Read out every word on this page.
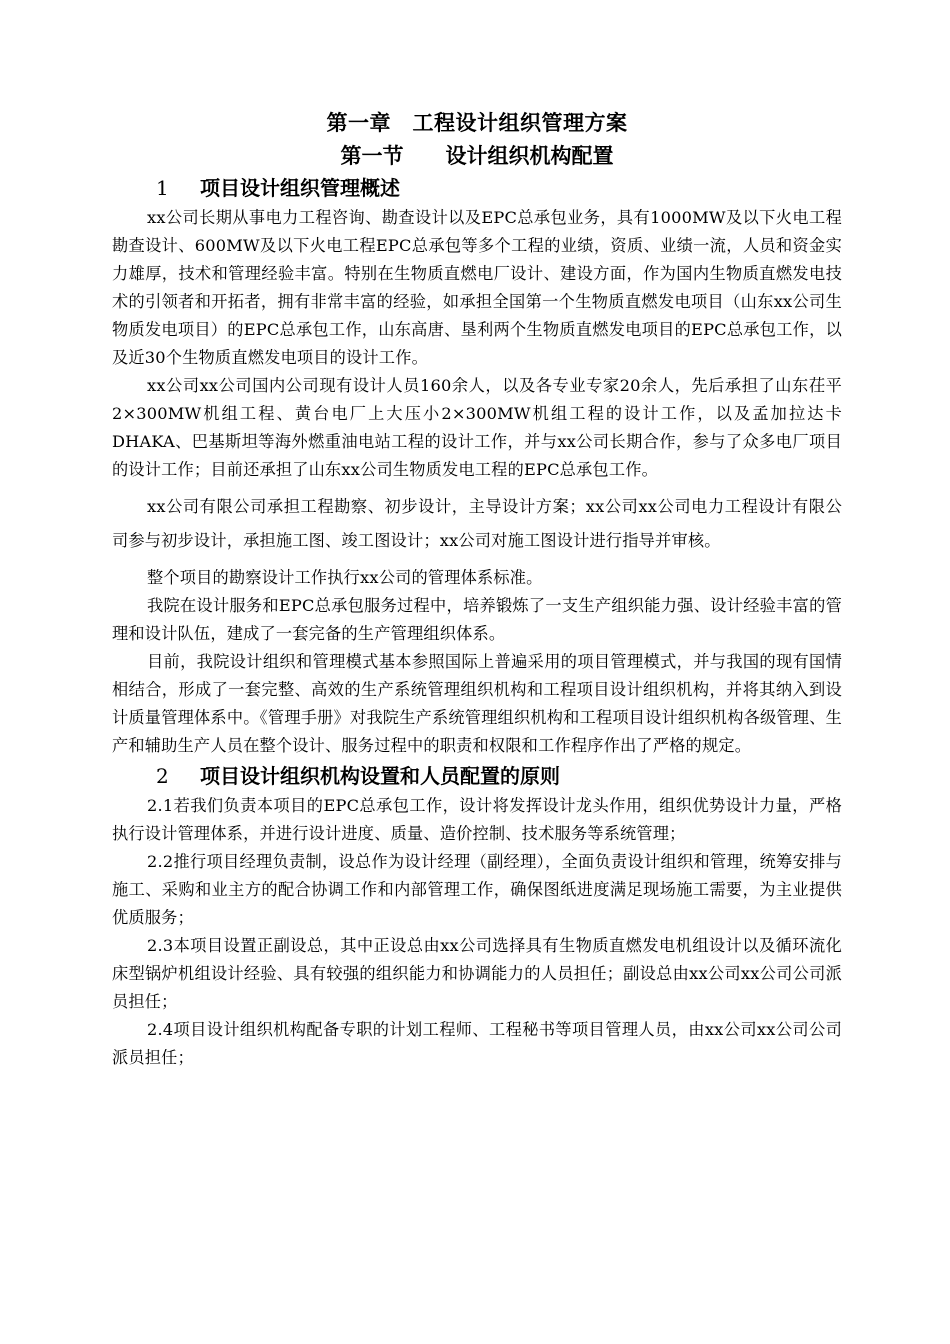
第一章　工程设计组织管理方案
第一节　　设计组织机构配置
1 项目设计组织管理概述

xx公司长期从事电力工程咨询、勘查设计以及EPC总承包业务，具有1000MW及以下火电工程勘查设计、600MW及以下火电工程EPC总承包等多个工程的业绩，资质、业绩一流，人员和资金实力雄厚，技术和管理经验丰富。特别在生物质直燃电厂设计、建设方面，作为国内生物质直燃发电技术的引领者和开拓者，拥有非常丰富的经验，如承担全国第一个生物质直燃发电项目（山东xx公司生物质发电项目）的EPC总承包工作，山东高唐、垦利两个生物质直燃发电项目的EPC总承包工作，以及近30个生物质直燃发电项目的设计工作。

xx公司xx公司国内公司现有设计人员160余人，以及各专业专家20余人，先后承担了山东茌平2×300MW机组工程、黄台电厂上大压小2×300MW机组工程的设计工作，以及孟加拉达卡DHAKA、巴基斯坦等海外燃重油电站工程的设计工作，并与xx公司长期合作，参与了众多电厂项目的设计工作；目前还承担了山东xx公司生物质发电工程的EPC总承包工作。

xx公司有限公司承担工程勘察、初步设计，主导设计方案；xx公司xx公司电力工程设计有限公司参与初步设计，承担施工图、竣工图设计；xx公司对施工图设计进行指导并审核。

整个项目的勘察设计工作执行xx公司的管理体系标准。

我院在设计服务和EPC总承包服务过程中，培养锻炼了一支生产组织能力强、设计经验丰富的管理和设计队伍，建成了一套完备的生产管理组织体系。

目前，我院设计组织和管理模式基本参照国际上普遍采用的项目管理模式，并与我国的现有国情相结合，形成了一套完整、高效的生产系统管理组织机构和工程项目设计组织机构，并将其纳入到设计质量管理体系中。《管理手册》对我院生产系统管理组织机构和工程项目设计组织机构各级管理、生产和辅助生产人员在整个设计、服务过程中的职责和权限和工作程序作出了严格的规定。

2 项目设计组织机构设置和人员配置的原则

2.1若我们负责本项目的EPC总承包工作，设计将发挥设计龙头作用，组织优势设计力量，严格执行设计管理体系，并进行设计进度、质量、造价控制、技术服务等系统管理；

2.2推行项目经理负责制，设总作为设计经理（副经理），全面负责设计组织和管理，统筹安排与施工、采购和业主方的配合协调工作和内部管理工作，确保图纸进度满足现场施工需要，为主业提供优质服务；

2.3本项目设置正副设总，其中正设总由xx公司选择具有生物质直燃发电机组设计以及循环流化床型锅炉机组设计经验、具有较强的组织能力和协调能力的人员担任；副设总由xx公司xx公司公司派员担任；

2.4项目设计组织机构配备专职的计划工程师、工程秘书等项目管理人员，由xx公司xx公司公司派员担任；
